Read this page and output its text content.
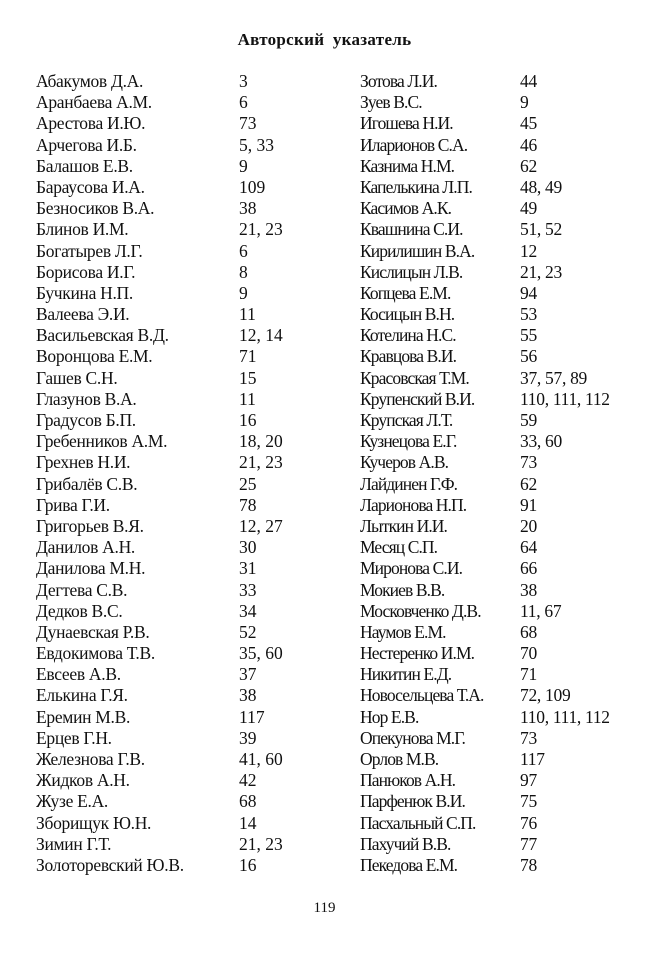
Авторский указатель
Абакумов Д.А.	3
Аранбаева А.М.	6
Арестова И.Ю.	73
Арчегова И.Б.	5, 33
Балашов Е.В.	9
Бараусова И.А.	109
Безносиков В.А.	38
Блинов И.М.	21, 23
Богатырев Л.Г.	6
Борисова И.Г.	8
Бучкина Н.П.	9
Валеева Э.И.	11
Васильевская В.Д.	12, 14
Воронцова Е.М.	71
Гашев С.Н.	15
Глазунов В.А.	11
Градусов Б.П.	16
Гребенников А.М.	18, 20
Грехнев Н.И.	21, 23
Грибалёв С.В.	25
Грива Г.И.	78
Григорьев В.Я.	12, 27
Данилов А.Н.	30
Данилова М.Н.	31
Дегтева С.В.	33
Дедков В.С.	34
Дунаевская Р.В.	52
Евдокимова Т.В.	35, 60
Евсеев А.В.	37
Елькина Г.Я.	38
Еремин М.В.	117
Ерцев Г.Н.	39
Железнова Г.В.	41, 60
Жидков А.Н.	42
Жузе Е.А.	68
Зборищук Ю.Н.	14
Зимин Г.Т.	21, 23
Золоторевский Ю.В.	16
Зотова Л.И.	44
Зуев В.С.	9
Игошева Н.И.	45
Иларионов С.А.	46
Казнима Н.М.	62
Капелькина Л.П.	48, 49
Касимов А.К.	49
Квашнина С.И.	51, 52
Кирилишин В.А.	12
Кислицын Л.В.	21, 23
Копцева Е.М.	94
Косицын В.Н.	53
Котелина Н.С.	55
Кравцова В.И.	56
Красовская Т.М.	37, 57, 89
Крупенский В.И.	110, 111, 112
Крупская Л.Т.	59
Кузнецова Е.Г.	33, 60
Кучеров А.В.	73
Лайдинен Г.Ф.	62
Ларионова Н.П.	91
Лыткин И.И.	20
Месяц С.П.	64
Миронова С.И.	66
Мокиев В.В.	38
Московченко Д.В. 11, 67
Наумов Е.М.	68
Нестеренко И.М.	70
Никитин Е.Д.	71
Новосельцева Т.А. 72, 109
Нор Е.В.	110, 111, 112
Опекунова М.Г.	73
Орлов М.В.	117
Панюков А.Н.	97
Парфенюк В.И.	75
Пасхальный С.П.	76
Пахучий В.В.	77
Пекедова Е.М.	78
119
